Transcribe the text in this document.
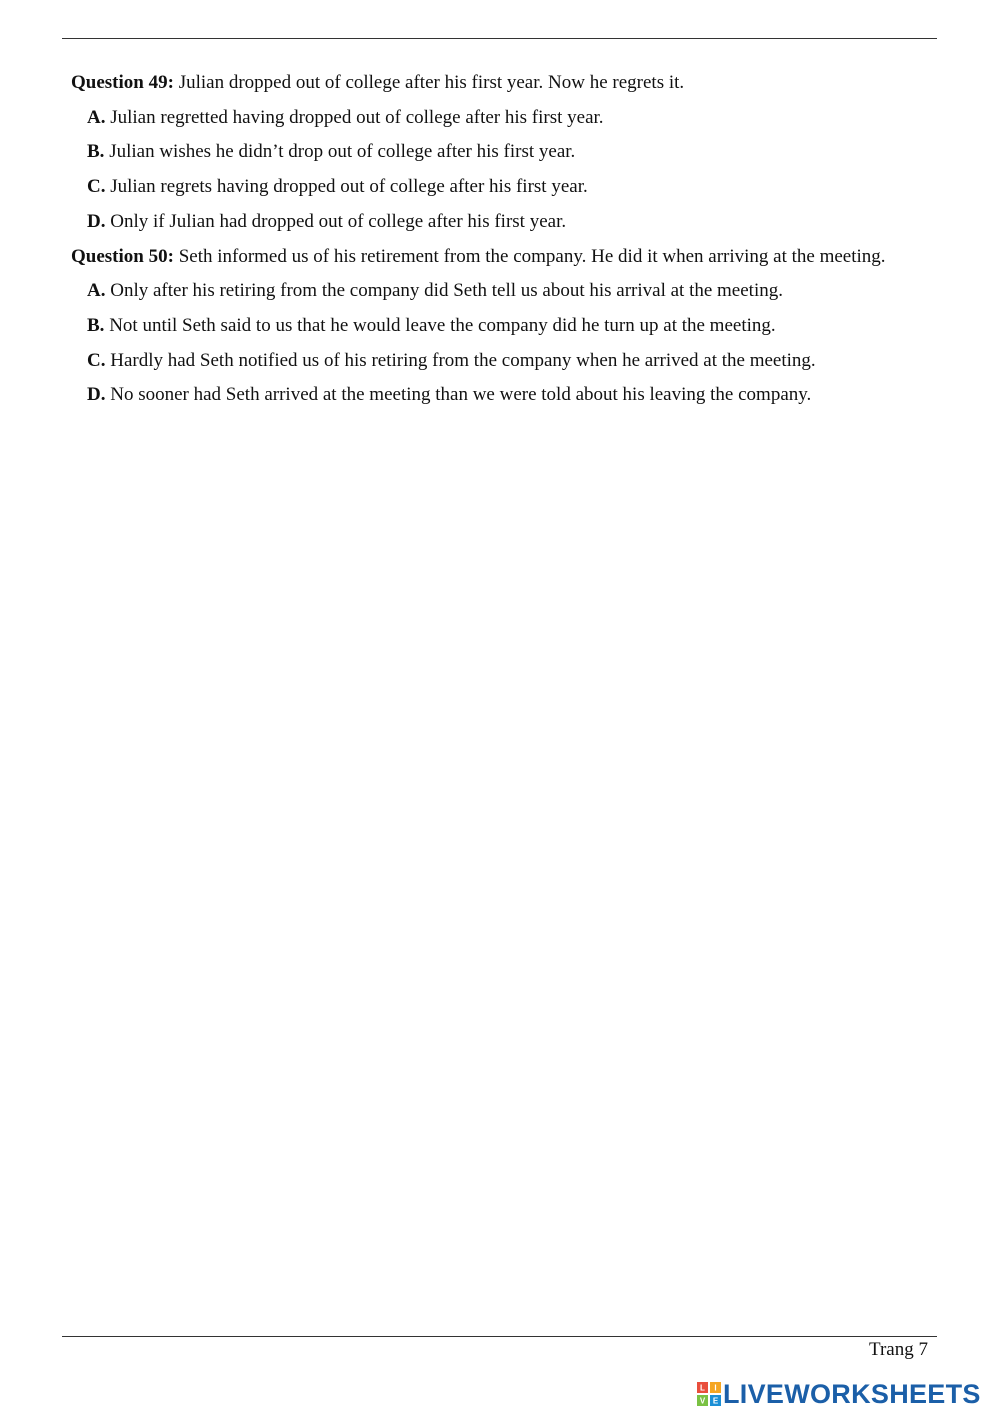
Question 49: Julian dropped out of college after his first year. Now he regrets it.
A. Julian regretted having dropped out of college after his first year.
B. Julian wishes he didn’t drop out of college after his first year.
C. Julian regrets having dropped out of college after his first year.
D. Only if Julian had dropped out of college after his first year.
Question 50: Seth informed us of his retirement from the company. He did it when arriving at the meeting.
A. Only after his retiring from the company did Seth tell us about his arrival at the meeting.
B. Not until Seth said to us that he would leave the company did he turn up at the meeting.
C. Hardly had Seth notified us of his retiring from the company when he arrived at the meeting.
D. No sooner had Seth arrived at the meeting than we were told about his leaving the company.
Trang 7
L I
V E LIVEWORKSHEETS
